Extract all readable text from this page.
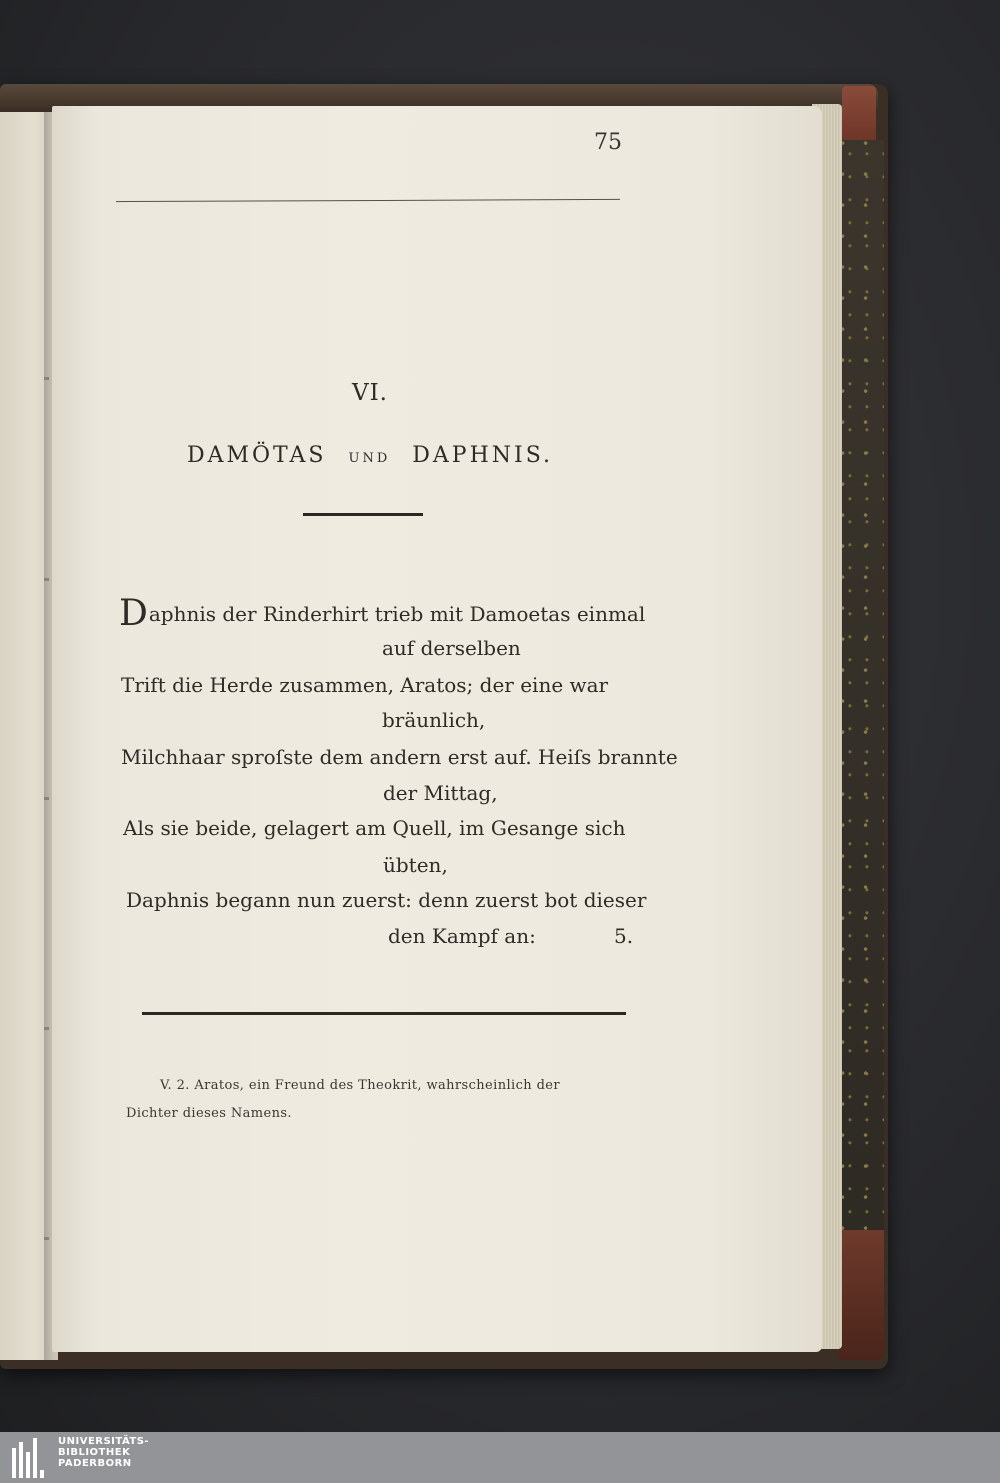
75
VI.
DAMÖTAS UND DAPHNIS.
Daphnis der Rinderhirt trieb mit Damoetas einmal
auf derselben
Trift die Herde zusammen, Aratos; der eine war
bräunlich,
Milchhaar sproſste dem andern erst auf. Heiſs brannte
der Mittag,
Als sie beide, gelagert am Quell, im Gesange sich
übten,
Daphnis begann nun zuerst: denn zuerst bot dieser
den Kampf an:	5.
V. 2. Aratos, ein Freund des Theokrit, wahrscheinlich der
Dichter dieses Namens.
UNIVERSITÄTS-
BIBLIOTHEK
PADERBORN
